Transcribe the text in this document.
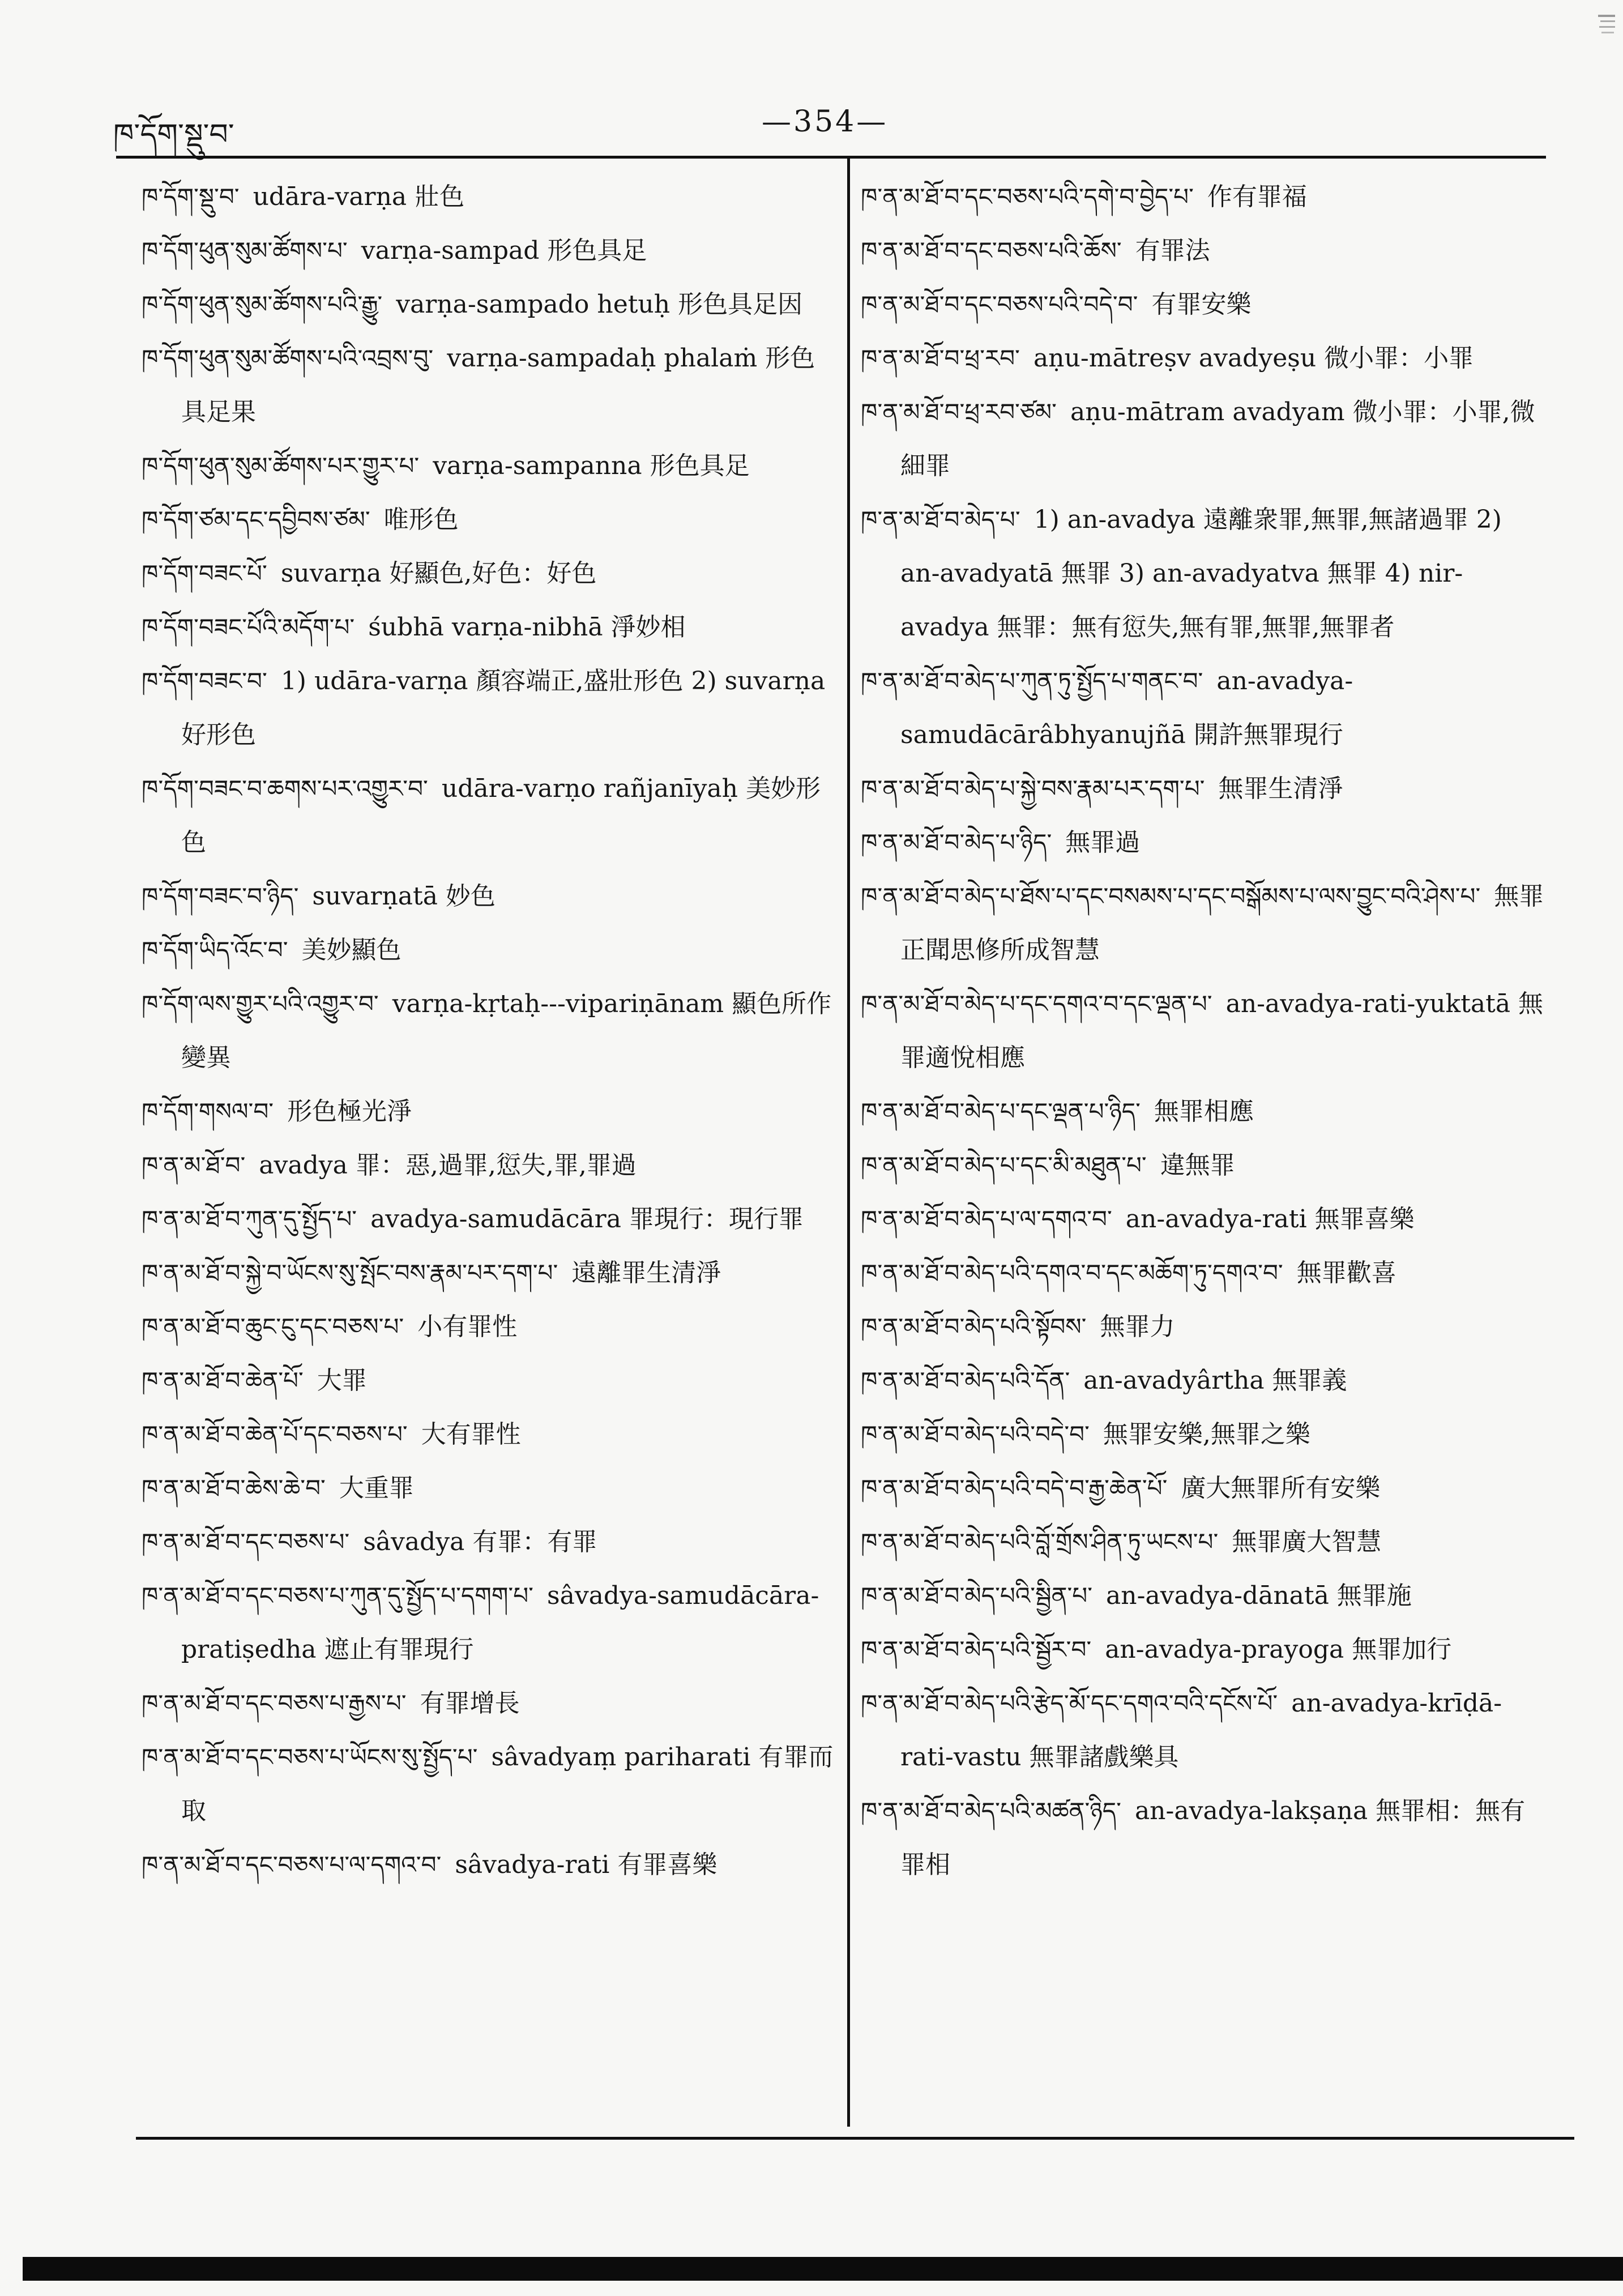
ཁ་དོག་སྡུ་བ་	—354—

ཁ་དོག་སྡུ་བ་ udāra-varṇa 壯色

ཁ་དོག་ཕུན་སུམ་ཚོགས་པ་ varṇa-sampad 形色具足

ཁ་དོག་ཕུན་སུམ་ཚོགས་པའི་རྒྱུ་ varṇa-sampado hetuḥ 形色具足因

ཁ་དོག་ཕུན་སུམ་ཚོགས་པའི་འབྲས་བུ་ varṇa-sampadaḥ phalaṁ 形色具足果

ཁ་དོག་ཕུན་སུམ་ཚོགས་པར་གྱུར་པ་ varṇa-sampanna 形色具足

ཁ་དོག་ཙམ་དང་དབྱིབས་ཙམ་ 唯形色

ཁ་དོག་བཟང་པོ་ suvarṇa 好顯色,好色：好色

ཁ་དོག་བཟང་པོའི་མདོག་པ་ śubhā varṇa-nibhā 淨妙相

ཁ་དོག་བཟང་བ་ 1) udāra-varṇa 顏容端正,盛壯形色 2) suvarṇa 好形色

ཁ་དོག་བཟང་བ་ཆགས་པར་འགྱུར་བ་ udāra-varṇo rañjanīyaḥ 美妙形色

ཁ་དོག་བཟང་བ་ཉིད་ suvarṇatā 妙色

ཁ་དོག་ཡིད་འོང་བ་ 美妙顯色

ཁ་དོག་ལས་གྱུར་པའི་འགྱུར་བ་ varṇa-kṛtaḥ---vipariṇānam 顯色所作變異

ཁ་དོག་གསལ་བ་ 形色極光淨

ཁ་ན་མ་ཐོ་བ་ avadya 罪：惡,過罪,愆失,罪,罪過

ཁ་ན་མ་ཐོ་བ་ཀུན་དུ་སྤྱོད་པ་ avadya-samudācāra 罪現行：現行罪

ཁ་ན་མ་ཐོ་བ་སྐྱེ་བ་ཡོངས་སུ་སྤོང་བས་རྣམ་པར་དག་པ་ 遠離罪生清淨

ཁ་ན་མ་ཐོ་བ་ཆུང་ངུ་དང་བཅས་པ་ 小有罪性

ཁ་ན་མ་ཐོ་བ་ཆེན་པོ་ 大罪

ཁ་ན་མ་ཐོ་བ་ཆེན་པོ་དང་བཅས་པ་ 大有罪性

ཁ་ན་མ་ཐོ་བ་ཆེས་ཆེ་བ་ 大重罪

ཁ་ན་མ་ཐོ་བ་དང་བཅས་པ་ sâvadya 有罪：有罪

ཁ་ན་མ་ཐོ་བ་དང་བཅས་པ་ཀུན་དུ་སྤྱོད་པ་དགག་པ་ sâvadya-samudācāra-pratiṣedha 遮止有罪現行

ཁ་ན་མ་ཐོ་བ་དང་བཅས་པ་རྒྱས་པ་ 有罪增長

ཁ་ན་མ་ཐོ་བ་དང་བཅས་པ་ཡོངས་སུ་སྤྱོད་པ་ sâvadyaṃ pariharati 有罪而取

ཁ་ན་མ་ཐོ་བ་དང་བཅས་པ་ལ་དགའ་བ་ sâvadya-rati 有罪喜樂

ཁ་ན་མ་ཐོ་བ་དང་བཅས་པའི་དགེ་བ་བྱེད་པ་ 作有罪福

ཁ་ན་མ་ཐོ་བ་དང་བཅས་པའི་ཆོས་ 有罪法

ཁ་ན་མ་ཐོ་བ་དང་བཅས་པའི་བདེ་བ་ 有罪安樂

ཁ་ན་མ་ཐོ་བ་ཕྲ་རབ་ aṇu-mātreṣv avadyeṣu 微小罪：小罪

ཁ་ན་མ་ཐོ་བ་ཕྲ་རབ་ཙམ་ aṇu-mātram avadyam 微小罪：小罪,微細罪

ཁ་ན་མ་ཐོ་བ་མེད་པ་ 1) an-avadya 遠離衆罪,無罪,無諸過罪 2) an-avadyatā 無罪 3) an-avadyatva 無罪 4) nir-avadya 無罪：無有愆失,無有罪,無罪,無罪者

ཁ་ན་མ་ཐོ་བ་མེད་པ་ཀུན་ཏུ་སྤྱོད་པ་གནང་བ་ an-avadya-samudācārâbhyanujñā 開許無罪現行

ཁ་ན་མ་ཐོ་བ་མེད་པ་སྐྱེ་བས་རྣམ་པར་དག་པ་ 無罪生清淨

ཁ་ན་མ་ཐོ་བ་མེད་པ་ཉིད་ 無罪過

ཁ་ན་མ་ཐོ་བ་མེད་པ་ཐོས་པ་དང་བསམས་པ་དང་བསྒོམས་པ་ལས་བྱུང་བའི་ཤེས་པ་ 無罪正聞思修所成智慧

ཁ་ན་མ་ཐོ་བ་མེད་པ་དང་དགའ་བ་དང་ལྡན་པ་ an-avadya-rati-yuktatā 無罪適悅相應

ཁ་ན་མ་ཐོ་བ་མེད་པ་དང་ལྡན་པ་ཉིད་ 無罪相應

ཁ་ན་མ་ཐོ་བ་མེད་པ་དང་མི་མཐུན་པ་ 違無罪

ཁ་ན་མ་ཐོ་བ་མེད་པ་ལ་དགའ་བ་ an-avadya-rati 無罪喜樂

ཁ་ན་མ་ཐོ་བ་མེད་པའི་དགའ་བ་དང་མཆོག་ཏུ་དགའ་བ་ 無罪歡喜

ཁ་ན་མ་ཐོ་བ་མེད་པའི་སྟོབས་ 無罪力

ཁ་ན་མ་ཐོ་བ་མེད་པའི་དོན་ an-avadyârtha 無罪義

ཁ་ན་མ་ཐོ་བ་མེད་པའི་བདེ་བ་ 無罪安樂,無罪之樂

ཁ་ན་མ་ཐོ་བ་མེད་པའི་བདེ་བ་རྒྱ་ཆེན་པོ་ 廣大無罪所有安樂

ཁ་ན་མ་ཐོ་བ་མེད་པའི་བློ་གྲོས་ཤིན་ཏུ་ཡངས་པ་ 無罪廣大智慧

ཁ་ན་མ་ཐོ་བ་མེད་པའི་སྦྱིན་པ་ an-avadya-dānatā 無罪施

ཁ་ན་མ་ཐོ་བ་མེད་པའི་སྦྱོར་བ་ an-avadya-prayoga 無罪加行

ཁ་ན་མ་ཐོ་བ་མེད་པའི་རྩེད་མོ་དང་དགའ་བའི་དངོས་པོ་ an-avadya-krīḍā-rati-vastu 無罪諸戲樂具

ཁ་ན་མ་ཐོ་བ་མེད་པའི་མཚན་ཉིད་ an-avadya-lakṣaṇa 無罪相：無有罪相
